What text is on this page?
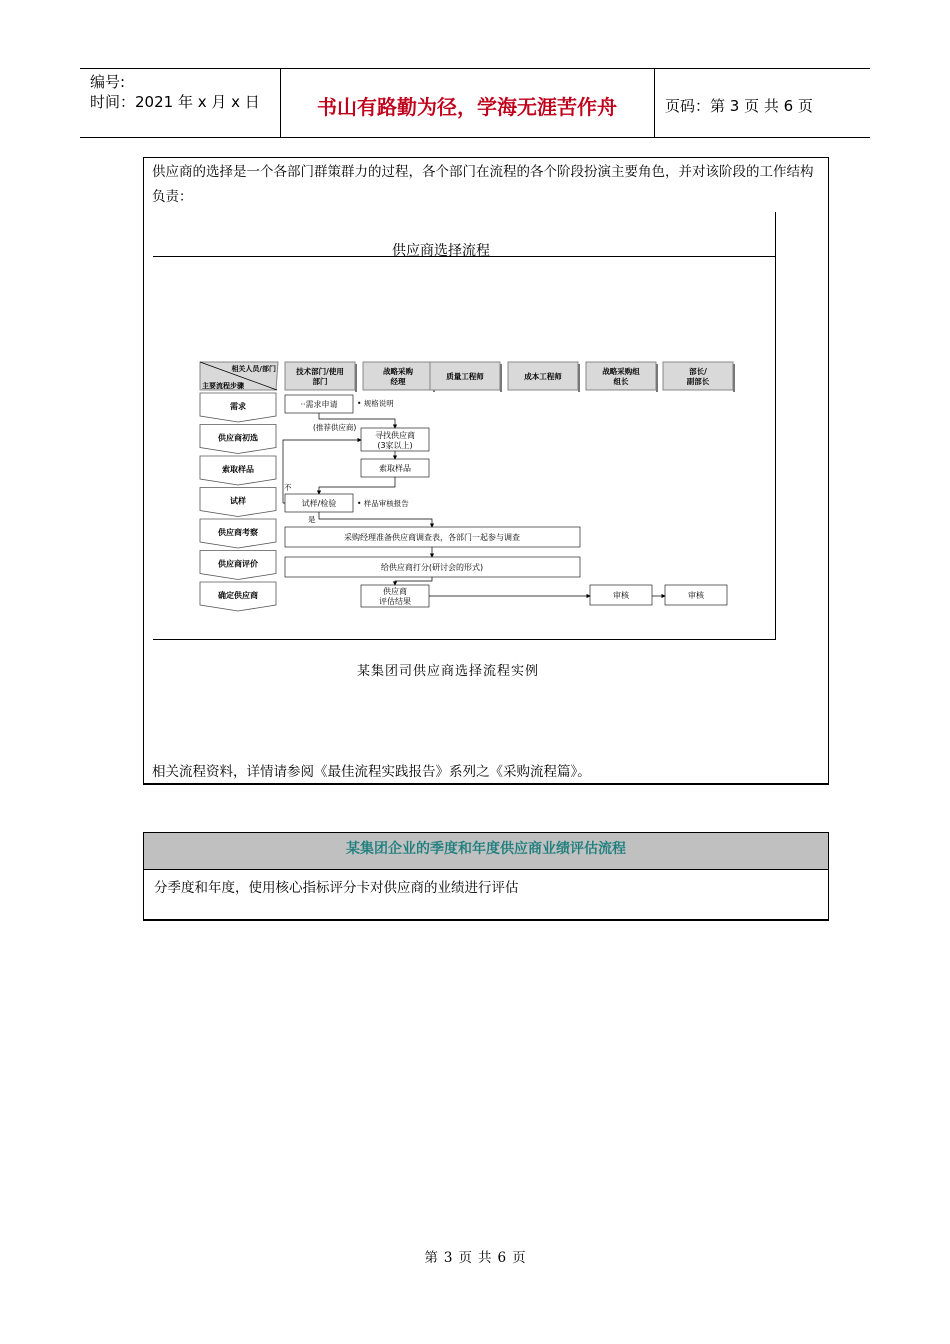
编号:
时间：2021 年 x 月 x 日	书山有路勤为径，学海无涯苦作舟	页码：第 3 页 共 6 页
供应商的选择是一个各部门群策群力的过程，各个部门在流程的各个阶段扮演主要角色，并对该阶段的工作结构负责：
供应商选择流程
相关人员/部门
主要流程步骤
技术部门/使用
部门
战略采购
经理
质量工程师	成本工程师
战略采购组
组长
部长/
副部长
需求
供应商初选
索取样品
试样
供应商考察
供应商评价
确定供应商
··需求申请
寻找供应商
(3家以上)
索取样品
试样/检验
采购经理准备供应商调查表，各部门一起参与调查
给供应商打分(研讨会的形式)
供应商
评估结果
审核	审核
• 规格说明
(推荐供应商)
• 样品审核报告
不
是
某集团司供应商选择流程实例
相关流程资料，详情请参阅《最佳流程实践报告》系列之《采购流程篇》。
某集团企业的季度和年度供应商业绩评估流程
分季度和年度，使用核心指标评分卡对供应商的业绩进行评估
第 3 页 共 6 页
